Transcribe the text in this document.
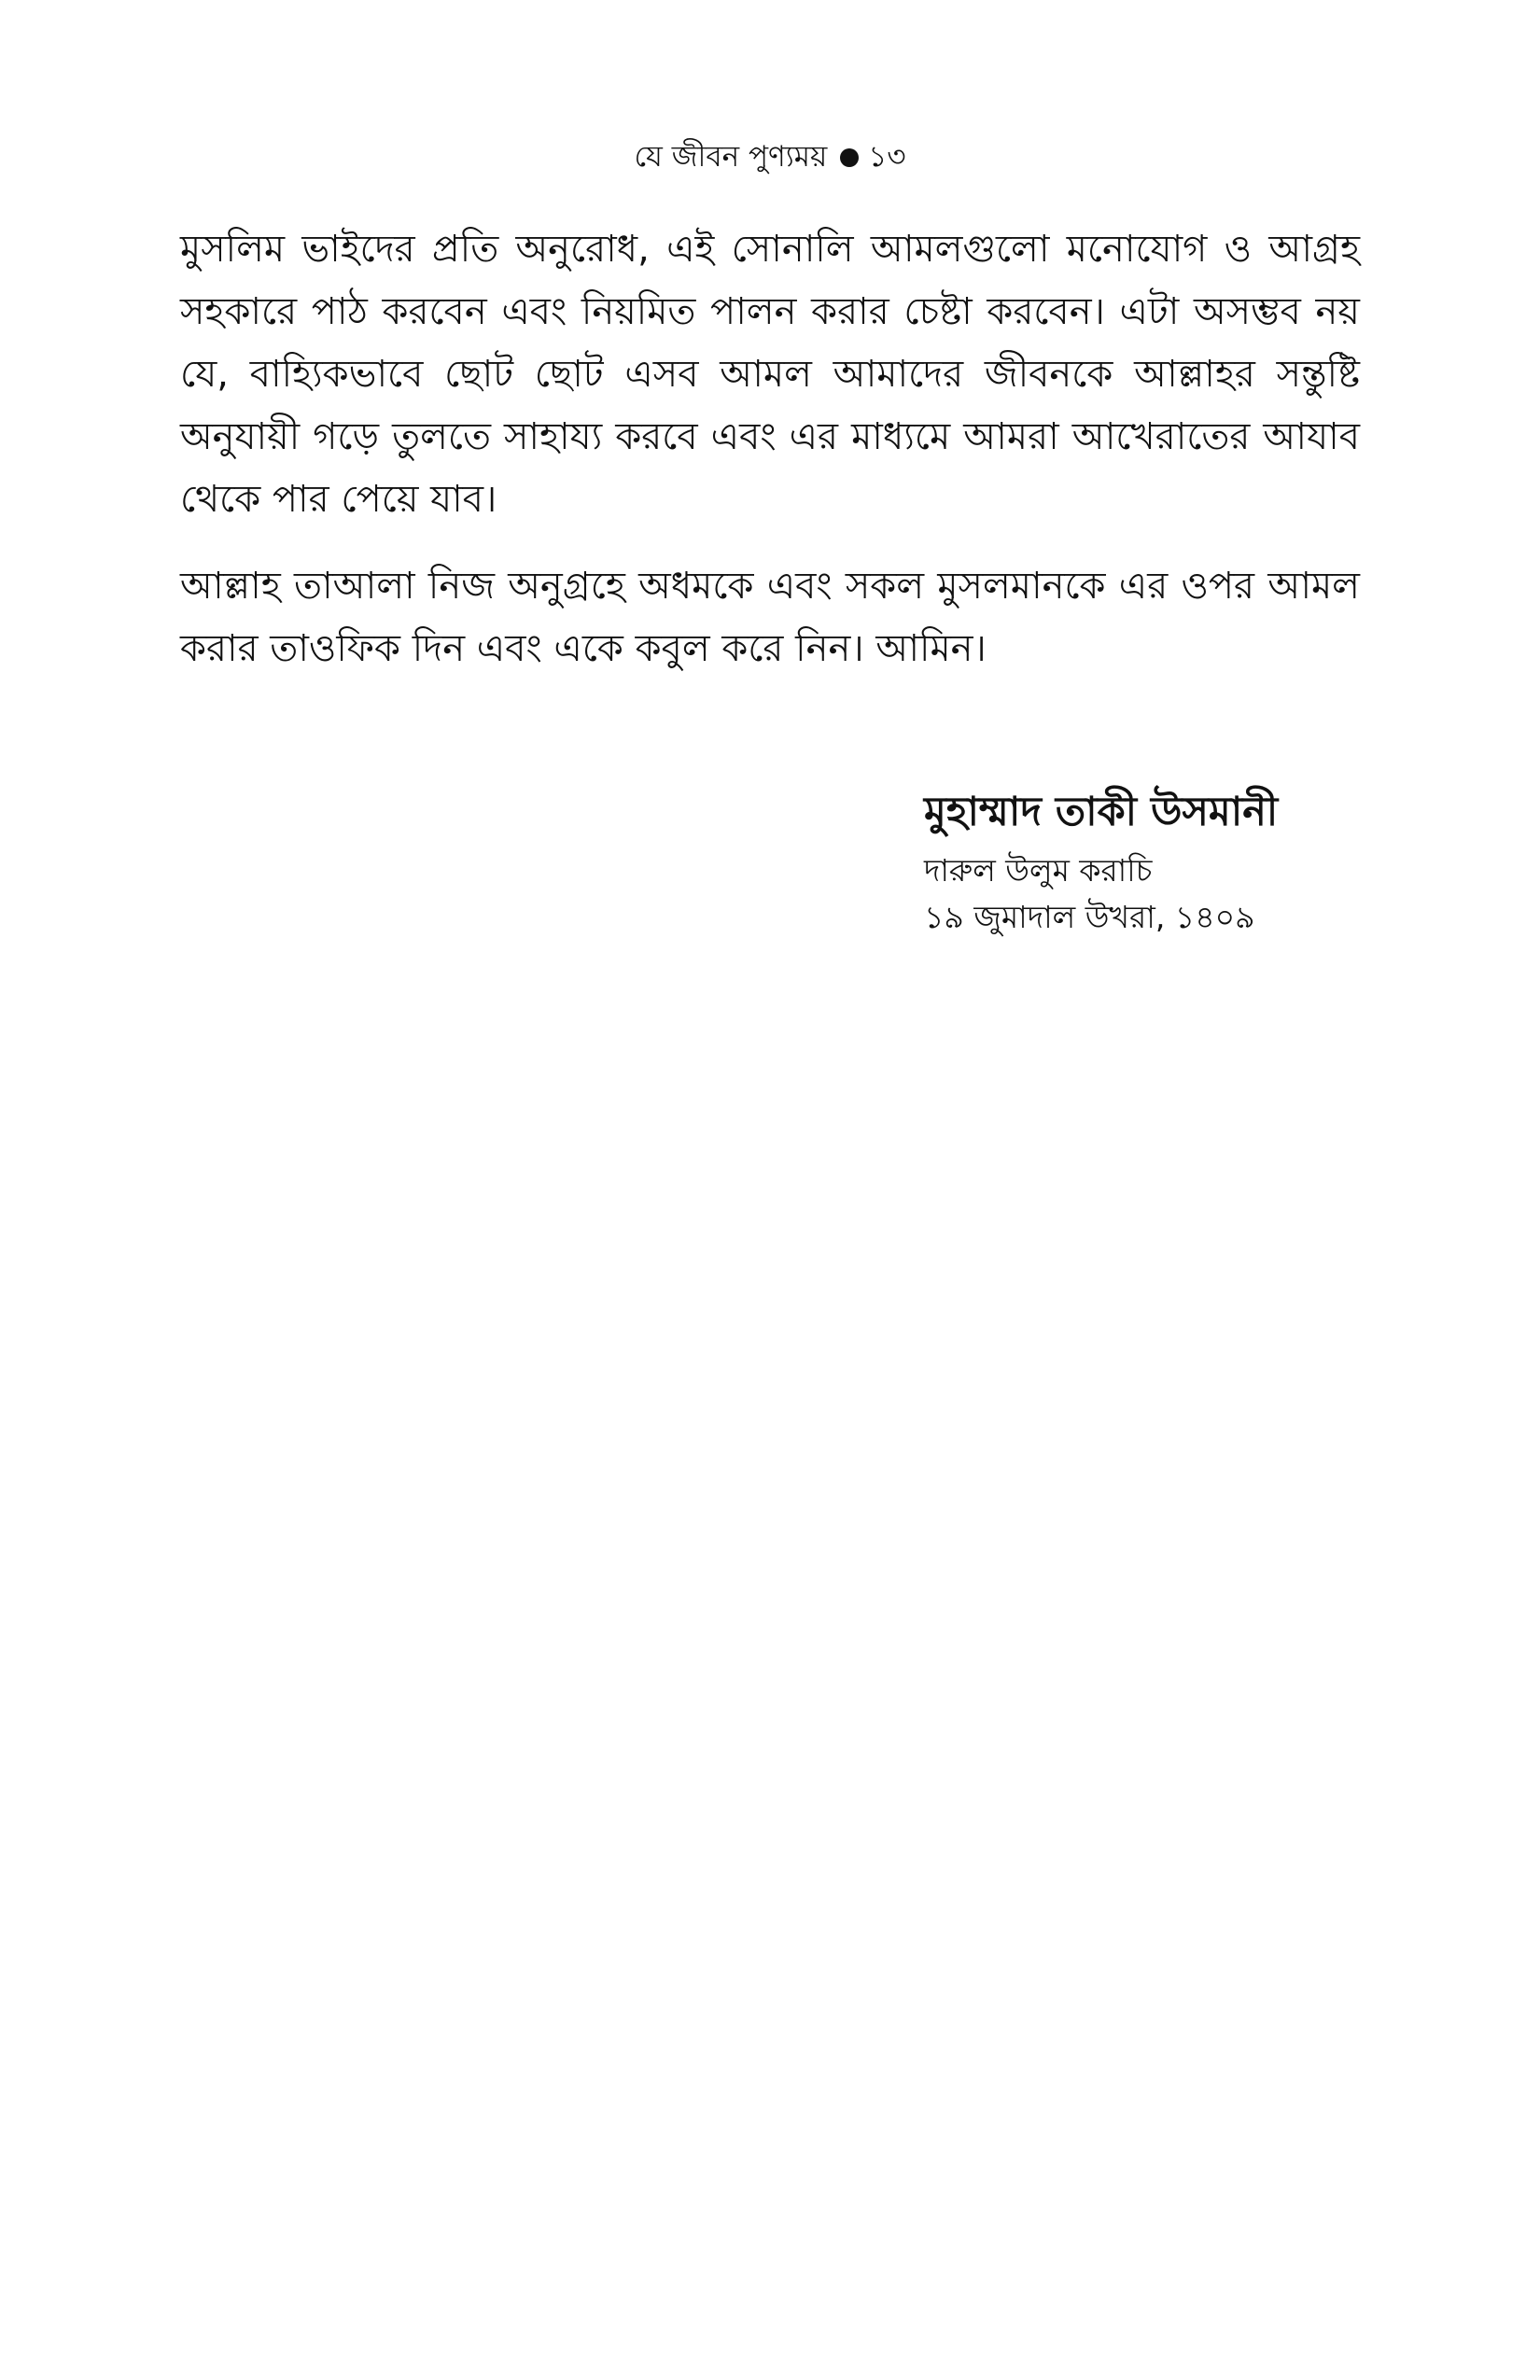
যে জীবন পুণ্যময় ১৩

মুসলিম ভাইদের প্রতি অনুরোধ, এই সোনালি আমলগুলো মনোযোগ ও আগ্রহ সহকারে পাঠ করবেন এবং নিয়মিত পালন করার চেষ্টা করবেন। এটা অসম্ভব নয় যে, বাহ্যিকভাবে ছোট ছোট এসব আমল আমাদের জীবনকে আল্লাহর সন্তুষ্টি অনুযায়ী গড়ে তুলতে সাহায্য করবে এবং এর মাধ্যমে আমরা আখেরাতের আযাব থেকে পার পেয়ে যাব।

আল্লাহ তাআলা নিজ অনুগ্রহে অধমকে এবং সকল মুসলমানকে এর ওপর আমল করার তাওফিক দিন এবং একে কবুল করে নিন। আমিন।

মুহাম্মাদ তাকী উসমানী

দারুল উলুম করাচি

১৯ জুমাদাল উখরা, ১৪০৯
